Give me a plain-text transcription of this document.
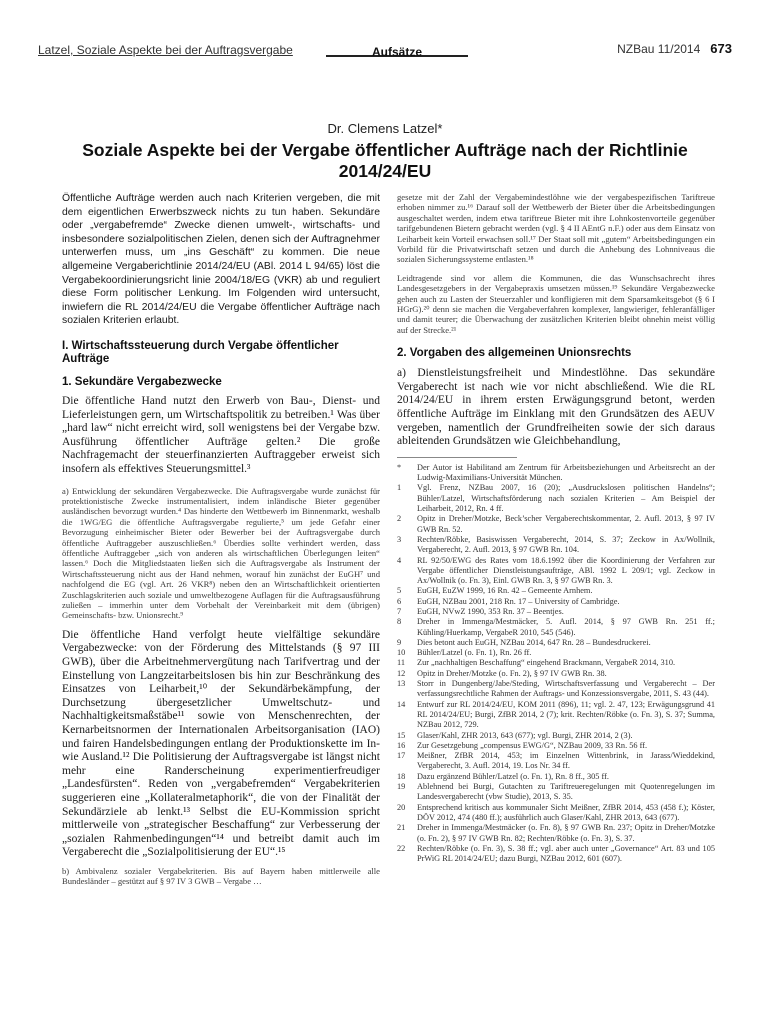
Latzel, Soziale Aspekte bei der Auftragsvergabe	Aufsätze	NZBau 11/2014 673
Dr. Clemens Latzel*
Soziale Aspekte bei der Vergabe öffentlicher Aufträge nach der Richtlinie 2014/24/EU

Öffentliche Aufträge werden auch nach Kriterien vergeben, die mit dem eigentlichen Erwerbszweck nichts zu tun haben. Sekundäre oder „vergabefremde“ Zwecke dienen umwelt-, wirtschafts- und insbesondere sozialpolitischen Zielen, denen sich der Auftragnehmer unterwerfen muss, um „ins Geschäft“ zu kommen. Die neue allgemeine Vergaberichtlinie 2014/24/EU (ABl. 2014 L 94/65) löst die Vergabekoordinierungsricht linie 2004/18/EG (VKR) ab und reguliert diese Form politischer Lenkung. Im Folgenden wird untersucht, inwiefern die RL 2014/24/EU die Vergabe öffentlicher Aufträge nach sozialen Kriterien erlaubt.

I. Wirtschaftssteuerung durch Vergabe öffentlicher Aufträge

1. Sekundäre Vergabezwecke

Die öffentliche Hand nutzt den Erwerb von Bau-, Dienst- und Lieferleistungen gern, um Wirtschaftspolitik zu betreiben.¹ Was über „hard law“ nicht erreicht wird, soll wenigstens bei der Vergabe bzw. Ausführung öffentlicher Aufträge gelten.² Die große Nachfragemacht der steuerfinanzierten Auftraggeber erweist sich insofern als effektives Steuerungsmittel.³

a) Entwicklung der sekundären Vergabezwecke. Die Auftragsvergabe wurde zunächst für protektionistische Zwecke instrumentalisiert, indem inländische Bieter gegenüber ausländischen bevorzugt wurden.⁴ Das hinderte den Wettbewerb im Binnenmarkt, weshalb die 1WG/EG die öffentliche Auftragsvergabe regulierte,⁵ um jede Gefahr einer Bevorzugung einheimischer Bieter oder Bewerber bei der Auftragsvergabe durch öffentliche Auftraggeber auszuschließen.⁶ Überdies sollte verhindert werden, dass öffentliche Auftraggeber „sich von anderen als wirtschaftlichen Überlegungen leiten“ lassen.⁶ Doch die Mitgliedstaaten ließen sich die Auftragsvergabe als Instrument der Wirtschaftssteuerung nicht aus der Hand nehmen, worauf hin zunächst der EuGH⁷ und nachfolgend die EG (vgl. Art. 26 VKR⁸) neben den an Wirtschaftlichkeit orientierten Zuschlagskriterien auch soziale und umweltbezogene Auflagen für die Auftragsausführung zuließen – immerhin unter dem Vorbehalt der Vereinbarkeit mit dem (übrigen) Gemeinschafts- bzw. Unionsrecht.⁹

Die öffentliche Hand verfolgt heute vielfältige sekundäre Vergabezwecke: von der Förderung des Mittelstands (§ 97 III GWB), über die Arbeitnehmervergütung nach Tarifvertrag und der Einstellung von Langzeitarbeitslosen bis hin zur Beschränkung des Einsatzes von Leiharbeit,¹⁰ der Sekundärbekämpfung, der Durchsetzung übergesetzlicher Umweltschutz- und Nachhaltigkeitsmaßstäbe¹¹ sowie von Menschenrechten, der Kernarbeitsnormen der Internationalen Arbeitsorganisation (IAO) und fairen Handelsbedingungen entlang der Produktionskette im In- wie Ausland.¹² Die Politisierung der Auftragsvergabe ist längst nicht mehr eine Randerscheinung experimentierfreudiger „Landesfürsten“. Reden von „vergabefremden“ Vergabekriterien suggerieren eine „Kollateralmetaphorik“, die von der Finalität der Sekundärziele ab lenkt.¹³ Selbst die EU-Kommission spricht mittlerweile von „strategischer Beschaffung“ zur Verbesserung der „sozialen Rahmenbedingungen“¹⁴ und betreibt damit auch im Vergaberecht die „Sozialpolitisierung der EU“.¹⁵

b) Ambivalenz sozialer Vergabekriterien. Bis auf Bayern haben mittlerweile alle Bundesländer – gestützt auf § 97 IV 3 GWB – Vergabe …

gesetze mit der Zahl der Vergabemindestlöhne wie der vergabespezifischen Tariftreue erhoben nimmer zu.¹⁶ Darauf soll der Wettbewerb der Bieter über die Arbeitsbedingungen ausgeschaltet werden, indem etwa tariftreue Bieter mit ihre Lohnkostenvorteile gegenüber tarifgebundenen Bietern gebracht werden (vgl. § 4 II AEntG n.F.) oder aus dem Einsatz von Leiharbeit kein Vorteil erwachsen soll.¹⁷ Der Staat soll mit „gutem“ Arbeitsbedingungen ein Vorbild für die Privatwirtschaft setzen und durch die Anhebung des Lohnniveaus die sozialen Sicherungssysteme entlasten.¹⁸

Leidtragende sind vor allem die Kommunen, die das Wunschsachrecht ihres Landesgesetzgebers in der Vergabepraxis umsetzen müssen.¹⁹ Sekundäre Vergabezwecke gehen auch zu Lasten der Steuerzahler und konfligieren mit dem Sparsamkeitsgebot (§ 6 I HGrG).²⁰ denn sie machen die Vergabeverfahren komplexer, langwieriger, fehleranfälliger und damit teurer; die Überwachung der zusätzlichen Kriterien bleibt ohnehin meist völlig auf der Strecke.²¹

2. Vorgaben des allgemeinen Unionsrechts

a) Dienstleistungsfreiheit und Mindestlöhne. Das sekundäre Vergaberecht ist nach wie vor nicht abschließend. Wie die RL 2014/24/EU in ihrem ersten Erwägungsgrund betont, werden öffentliche Aufträge im Einklang mit den Grundsätzen des AEUV vergeben, namentlich der Grundfreiheiten sowie der sich daraus ableitenden Grundsätzen wie Gleichbehandlung,

* Der Autor ist Habilitand am Zentrum für Arbeitsbeziehungen und Arbeitsrecht an der Ludwig-Maximilians-Universität München.
1 Vgl. Frenz, NZBau 2007, 16 (20); „Ausdruckslosen politischen Handelns“; Bühler/Latzel, Wirtschaftsförderung nach sozialen Kriterien – Am Beispiel der Leiharbeit, 2012, Rn. 4 ff.
2 Opitz in Dreher/Motzke, Beck’scher Vergaberechtskommentar, 2. Aufl. 2013, § 97 IV GWB Rn. 52.
3 Rechten/Röbke, Basiswissen Vergaberecht, 2014, S. 37; Zeckow in Ax/Wollnik, Vergaberecht, 2. Aufl. 2013, § 97 GWB Rn. 104.
4 RL 92/50/EWG des Rates vom 18.6.1992 über die Koordinierung der Verfahren zur Vergabe öffentlicher Dienstleistungsaufträge, ABl. 1992 L 209/1; vgl. Zeckow in Ax/Wollnik (o. Fn. 3), Einl. GWB Rn. 3, § 97 GWB Rn. 3.
5 EuGH, EuZW 1999, 16 Rn. 42 – Gemeente Arnhem.
6 EuGH, NZBau 2001, 218 Rn. 17 – University of Cambridge.
7 EuGH, NVwZ 1990, 353 Rn. 37 – Beentjes.
8 Dreher in Immenga/Mestmäcker, 5. Aufl. 2014, § 97 GWB Rn. 251 ff.; Kühling/Huerkamp, VergabeR 2010, 545 (546).
9 Dies betont auch EuGH, NZBau 2014, 647 Rn. 28 – Bundesdruckerei.
10 Bühler/Latzel (o. Fn. 1), Rn. 26 ff.
11 Zur „nachhaltigen Beschaffung“ eingehend Brackmann, VergabeR 2014, 310.
12 Opitz in Dreher/Motzke (o. Fn. 2), § 97 IV GWB Rn. 38.
13 Storr in Dungenberg/Jabe/Steding, Wirtschaftsverfassung und Vergaberecht – Der verfassungsrechtliche Rahmen der Auftrags- und Konzessionsvergabe, 2011, S. 43 (44).
14 Entwurf zur RL 2014/24/EU, KOM 2011 (896), 11; vgl. 2. 47, 123; Erwägungsgrund 41 RL 2014/24/EU; Burgi, ZfBR 2014, 2 (7); krit. Rechten/Röbke (o. Fn. 3), S. 37; Summa, NZBau 2012, 729.
15 Glaser/Kahl, ZHR 2013, 643 (677); vgl. Burgi, ZHR 2014, 2 (3).
16 Zur Gesetzgebung „compensus EWG/G“, NZBau 2009, 33 Rn. 56 ff.
17 Meißner, ZfBR 2014, 453; im Einzelnen Wittenbrink, in Jarass/Wieddekind, Vergaberecht, 3. Aufl. 2014, 19. Los Nr. 34 ff.
18 Dazu ergänzend Bühler/Latzel (o. Fn. 1), Rn. 8 ff., 305 ff.
19 Ablehnend bei Burgi, Gutachten zu Tariftreueregelungen mit Quotenregelungen im Landesvergaberecht (vbw Studie), 2013, S. 35.
20 Entsprechend kritisch aus kommunaler Sicht Meißner, ZfBR 2014, 453 (458 f.); Köster, DÖV 2012, 474 (480 ff.); ausführlich auch Glaser/Kahl, ZHR 2013, 643 (677).
21 Dreher in Immenga/Mestmäcker (o. Fn. 8), § 97 GWB Rn. 237; Opitz in Dreher/Motzke (o. Fn. 2), § 97 IV GWB Rn. 82; Rechten/Röbke (o. Fn. 3), S. 37.
22 Rechten/Röbke (o. Fn. 3), S. 38 ff.; vgl. aber auch unter „Governance“ Art. 83 und 105 PrWiG RL 2014/24/EU; dazu Burgi, NZBau 2012, 601 (607).
